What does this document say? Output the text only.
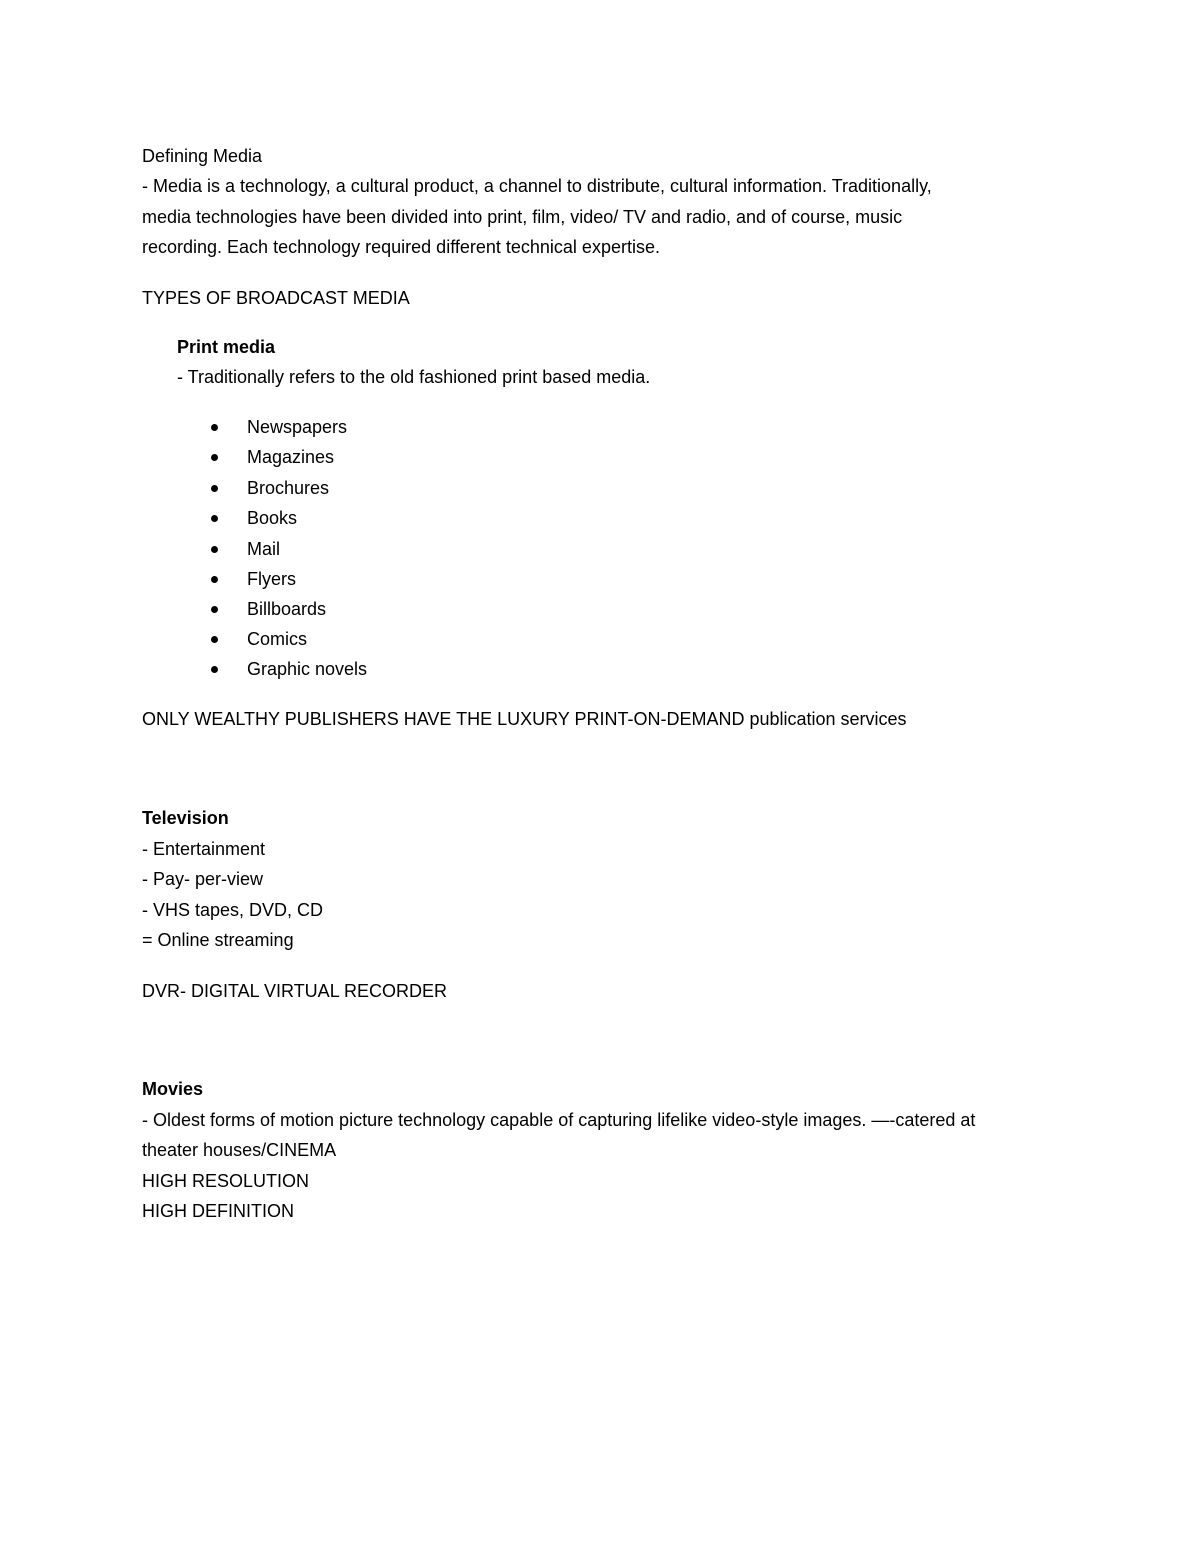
Defining Media
- Media is a technology, a cultural product, a channel to distribute, cultural information. Traditionally,
media technologies have been divided into print, film, video/ TV and radio, and of course, music
recording. Each technology required different technical expertise.
TYPES OF BROADCAST MEDIA
Print media
- Traditionally refers to the old fashioned print based media.
Newspapers
Magazines
Brochures
Books
Mail
Flyers
Billboards
Comics
Graphic novels
ONLY WEALTHY PUBLISHERS HAVE THE LUXURY PRINT-ON-DEMAND publication services
Television
- Entertainment
- Pay- per-view
- VHS tapes, DVD, CD
= Online streaming
DVR- DIGITAL VIRTUAL RECORDER
Movies
- Oldest forms of motion picture technology capable of capturing lifelike video-style images. —-catered at
theater houses/CINEMA
HIGH RESOLUTION
HIGH DEFINITION
